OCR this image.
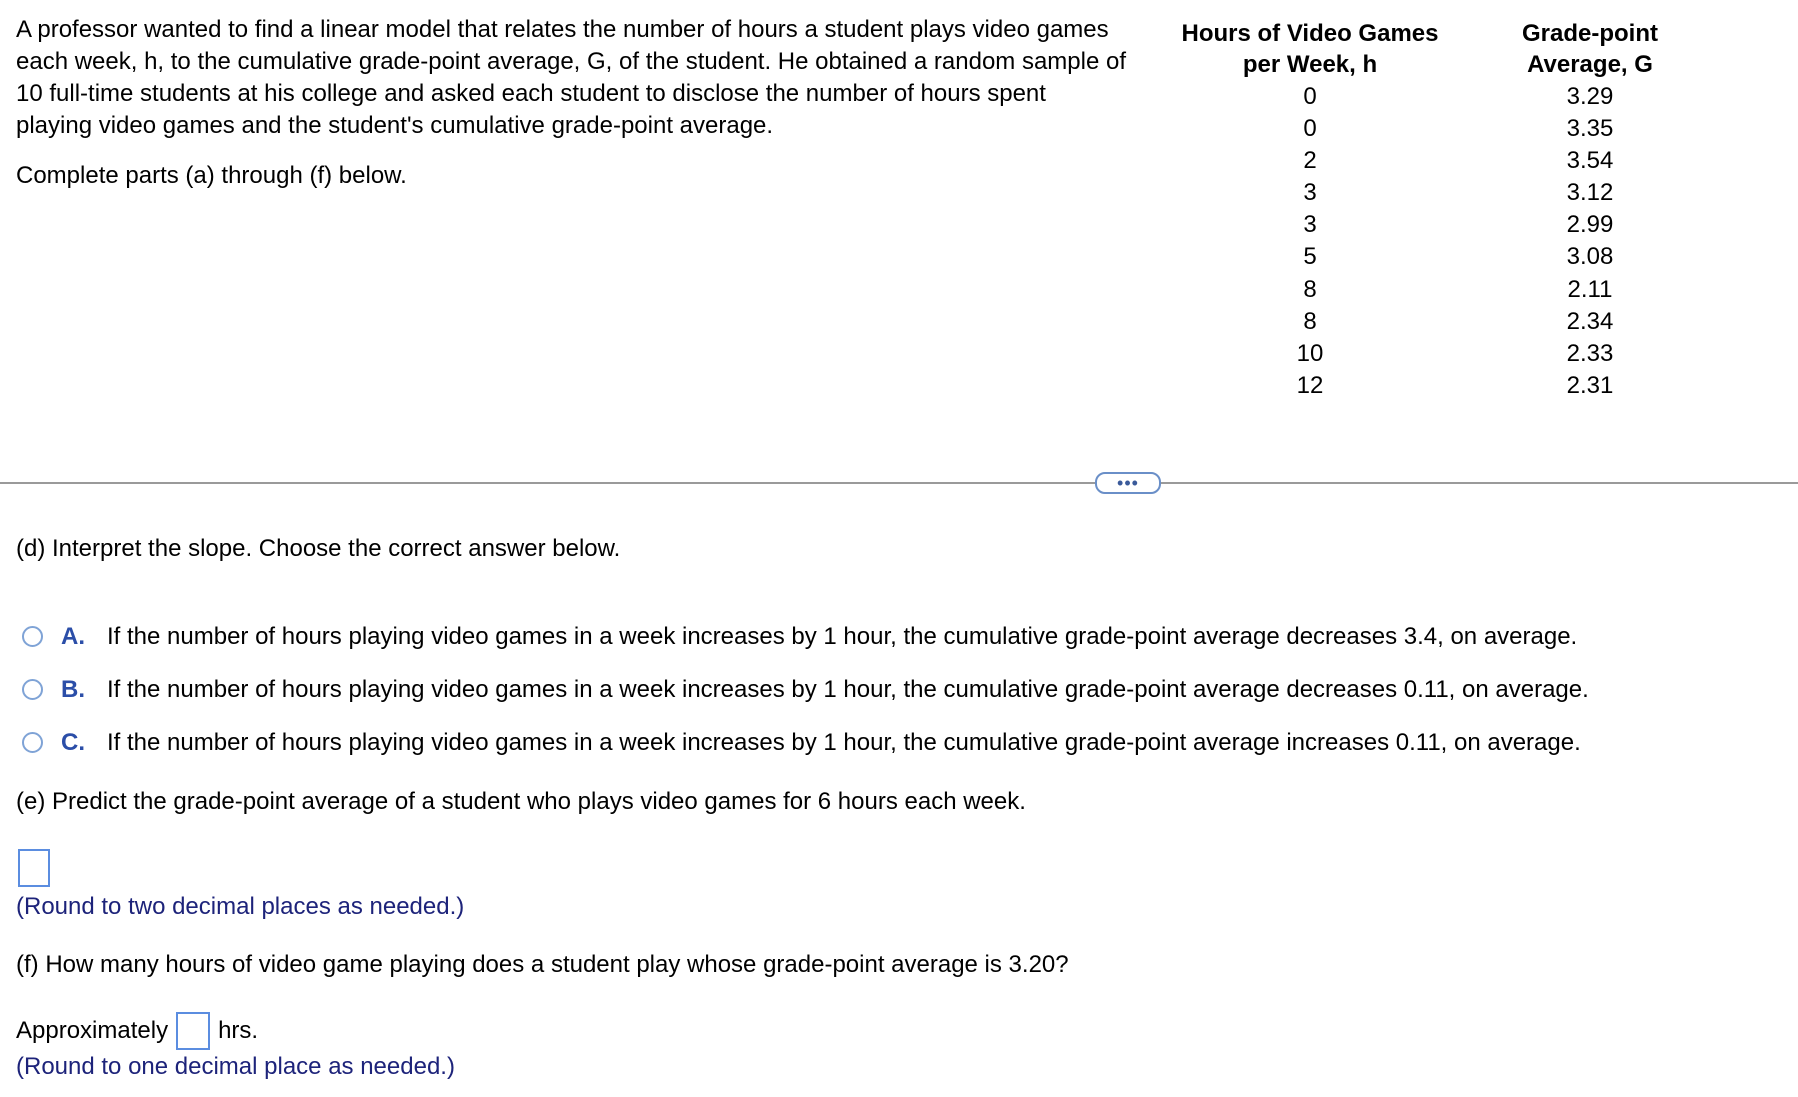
A professor wanted to find a linear model that relates the number of hours a student plays video games each week, h, to the cumulative grade-point average, G, of the student. He obtained a random sample of 10 full-time students at his college and asked each student to disclose the number of hours spent playing video games and the student's cumulative grade-point average.

Complete parts (a) through (f) below.
Hours of Video Games
per Week, h
0
0
2
3
3
5
8
8
10
12
Grade-point
Average, G
3.29
3.35
3.54
3.12
2.99
3.08
2.11
2.34
2.33
2.31
•••
(d) Interpret the slope. Choose the correct answer below.
A. If the number of hours playing video games in a week increases by 1 hour, the cumulative grade-point average decreases 3.4, on average.
B. If the number of hours playing video games in a week increases by 1 hour, the cumulative grade-point average decreases 0.11, on average.
C. If the number of hours playing video games in a week increases by 1 hour, the cumulative grade-point average increases 0.11, on average.
(e) Predict the grade-point average of a student who plays video games for 6 hours each week.
(Round to two decimal places as needed.)
(f) How many hours of video game playing does a student play whose grade-point average is 3.20?
Approximately hrs.
(Round to one decimal place as needed.)
